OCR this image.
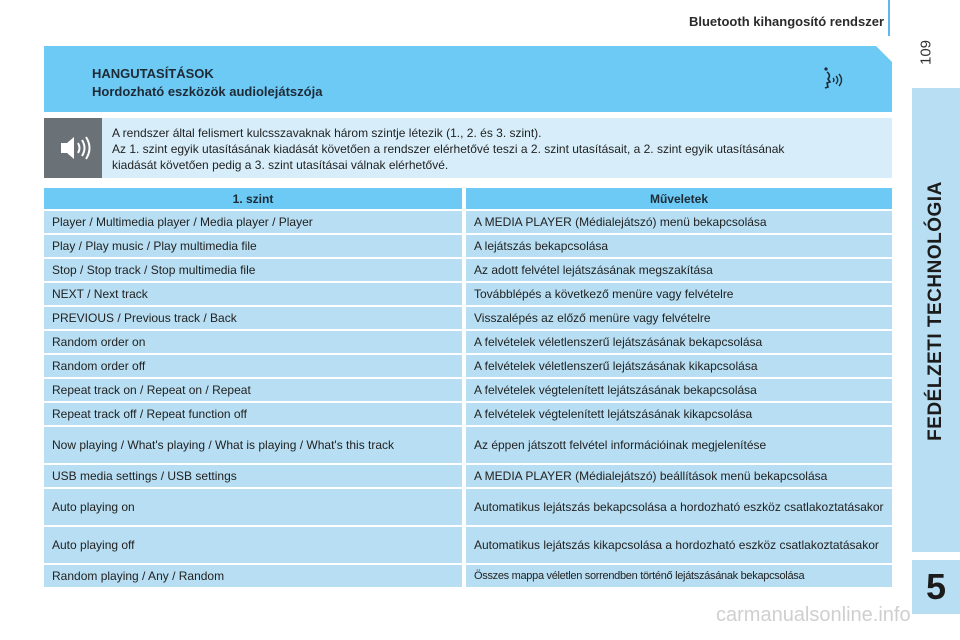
Bluetooth kihangosító rendszer
109
FEDÉLZETI TECHNOLÓGIA
5
HANGUTASÍTÁSOK
Hordozható eszközök audiolejátszója
A rendszer által felismert kulcsszavaknak három szintje létezik (1., 2. és 3. szint).
Az 1. szint egyik utasításának kiadását követően a rendszer elérhetővé teszi a 2. szint utasításait, a 2. szint egyik utasításának
kiadását követően pedig a 3. szint utasításai válnak elérhetővé.
1. szint	Műveletek
Player / Multimedia player / Media player / Player	A MEDIA PLAYER (Médialejátszó) menü bekapcsolása
Play / Play music / Play multimedia file	A lejátszás bekapcsolása
Stop / Stop track / Stop multimedia file	Az adott felvétel lejátszásának megszakítása
NEXT / Next track	Továbblépés a következő menüre vagy felvételre
PREVIOUS / Previous track / Back	Visszalépés az előző menüre vagy felvételre
Random order on	A felvételek véletlenszerű lejátszásának bekapcsolása
Random order off	A felvételek véletlenszerű lejátszásának kikapcsolása
Repeat track on / Repeat on / Repeat	A felvételek végtelenített lejátszásának bekapcsolása
Repeat track off / Repeat function off	A felvételek végtelenített lejátszásának kikapcsolása
Now playing / What's playing / What is playing / What's this track	Az éppen játszott felvétel információinak megjelenítése
USB media settings / USB settings	A MEDIA PLAYER (Médialejátszó) beállítások menü bekapcsolása
Auto playing on	Automatikus lejátszás bekapcsolása a hordozható eszköz csatlakoztatásakor
Auto playing off	Automatikus lejátszás kikapcsolása a hordozható eszköz csatlakoztatásakor
Random playing / Any / Random	Összes mappa véletlen sorrendben történő lejátszásának bekapcsolása
carmanualsonline.info
